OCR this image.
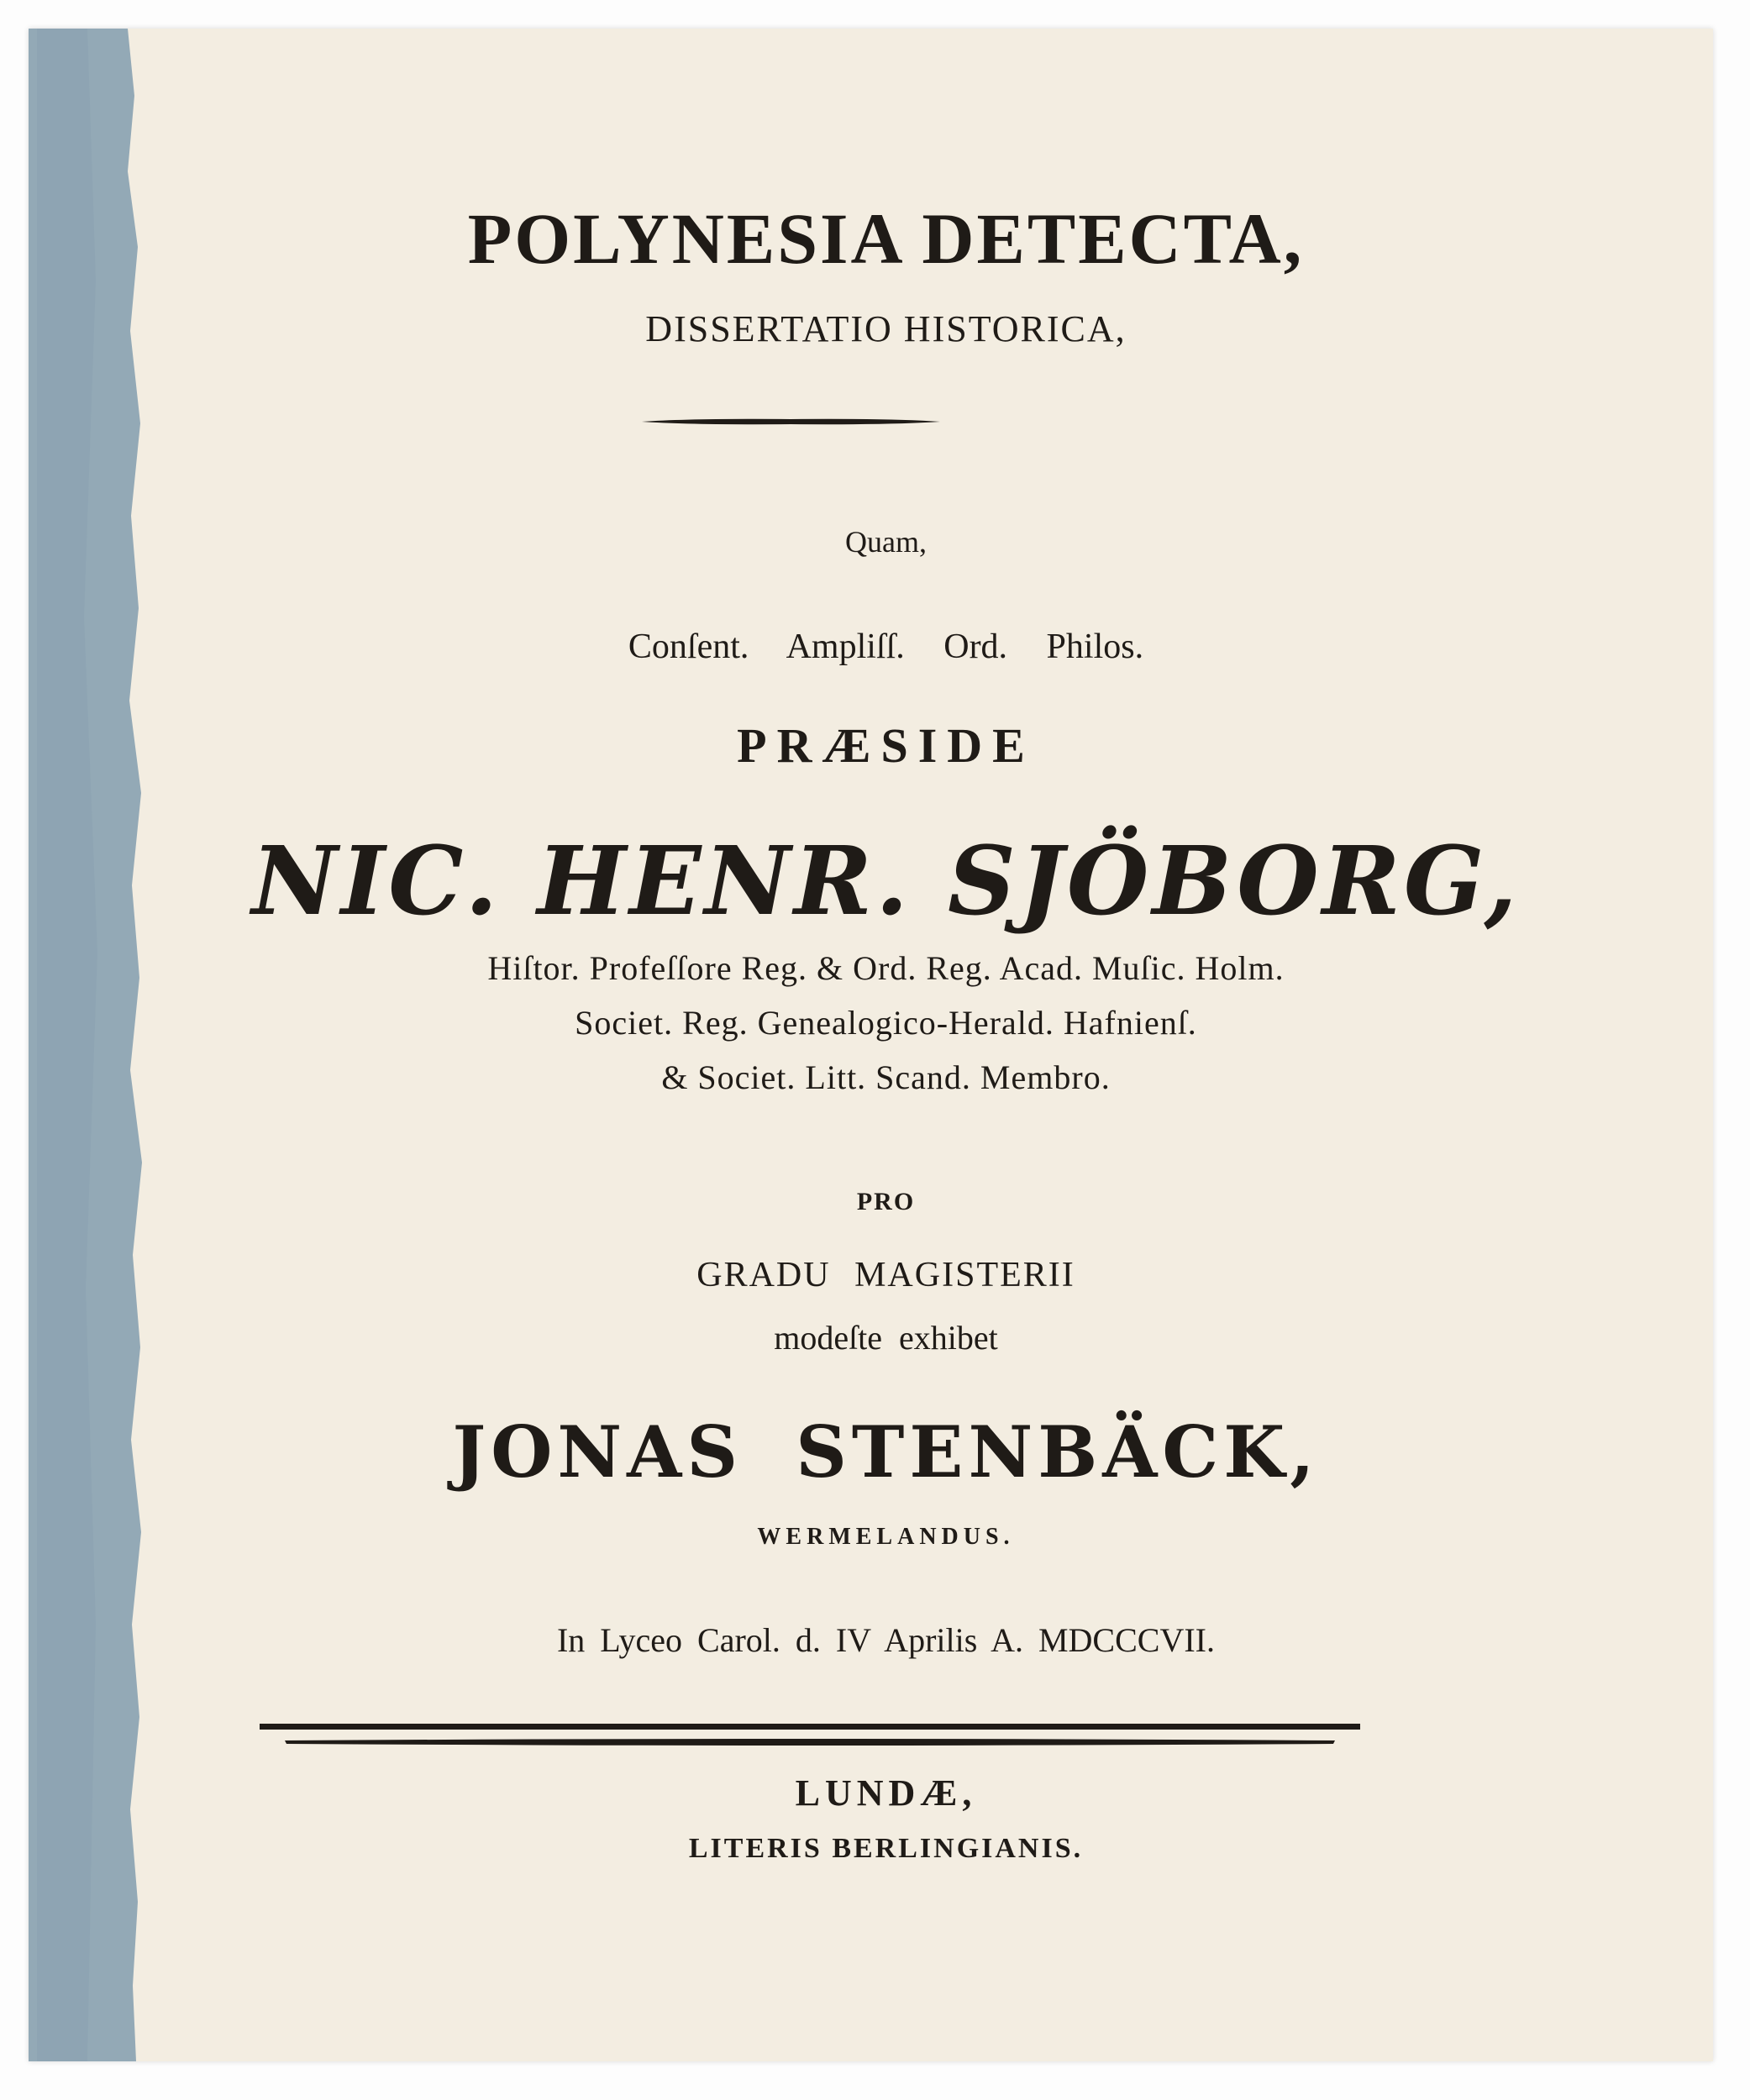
POLYNESIA DETECTA,
DISSERTATIO HISTORICA,
Quam,
Conſent. Ampliſſ. Ord. Philos.
PRÆSIDE
NIC. HENR. SJÖBORG,
Hiſtor. Profeſſore Reg. & Ord. Reg. Acad. Muſic. Holm.
Societ. Reg. Genealogico-Herald. Hafnienſ.
& Societ. Litt. Scand. Membro.
PRO
GRADU MAGISTERII
modeſte exhibet
JONAS STENBÄCK,
WERMELANDUS.
In Lyceo Carol. d. IV Aprilis A. MDCCCVII.
LUNDÆ,
LITERIS BERLINGIANIS.
